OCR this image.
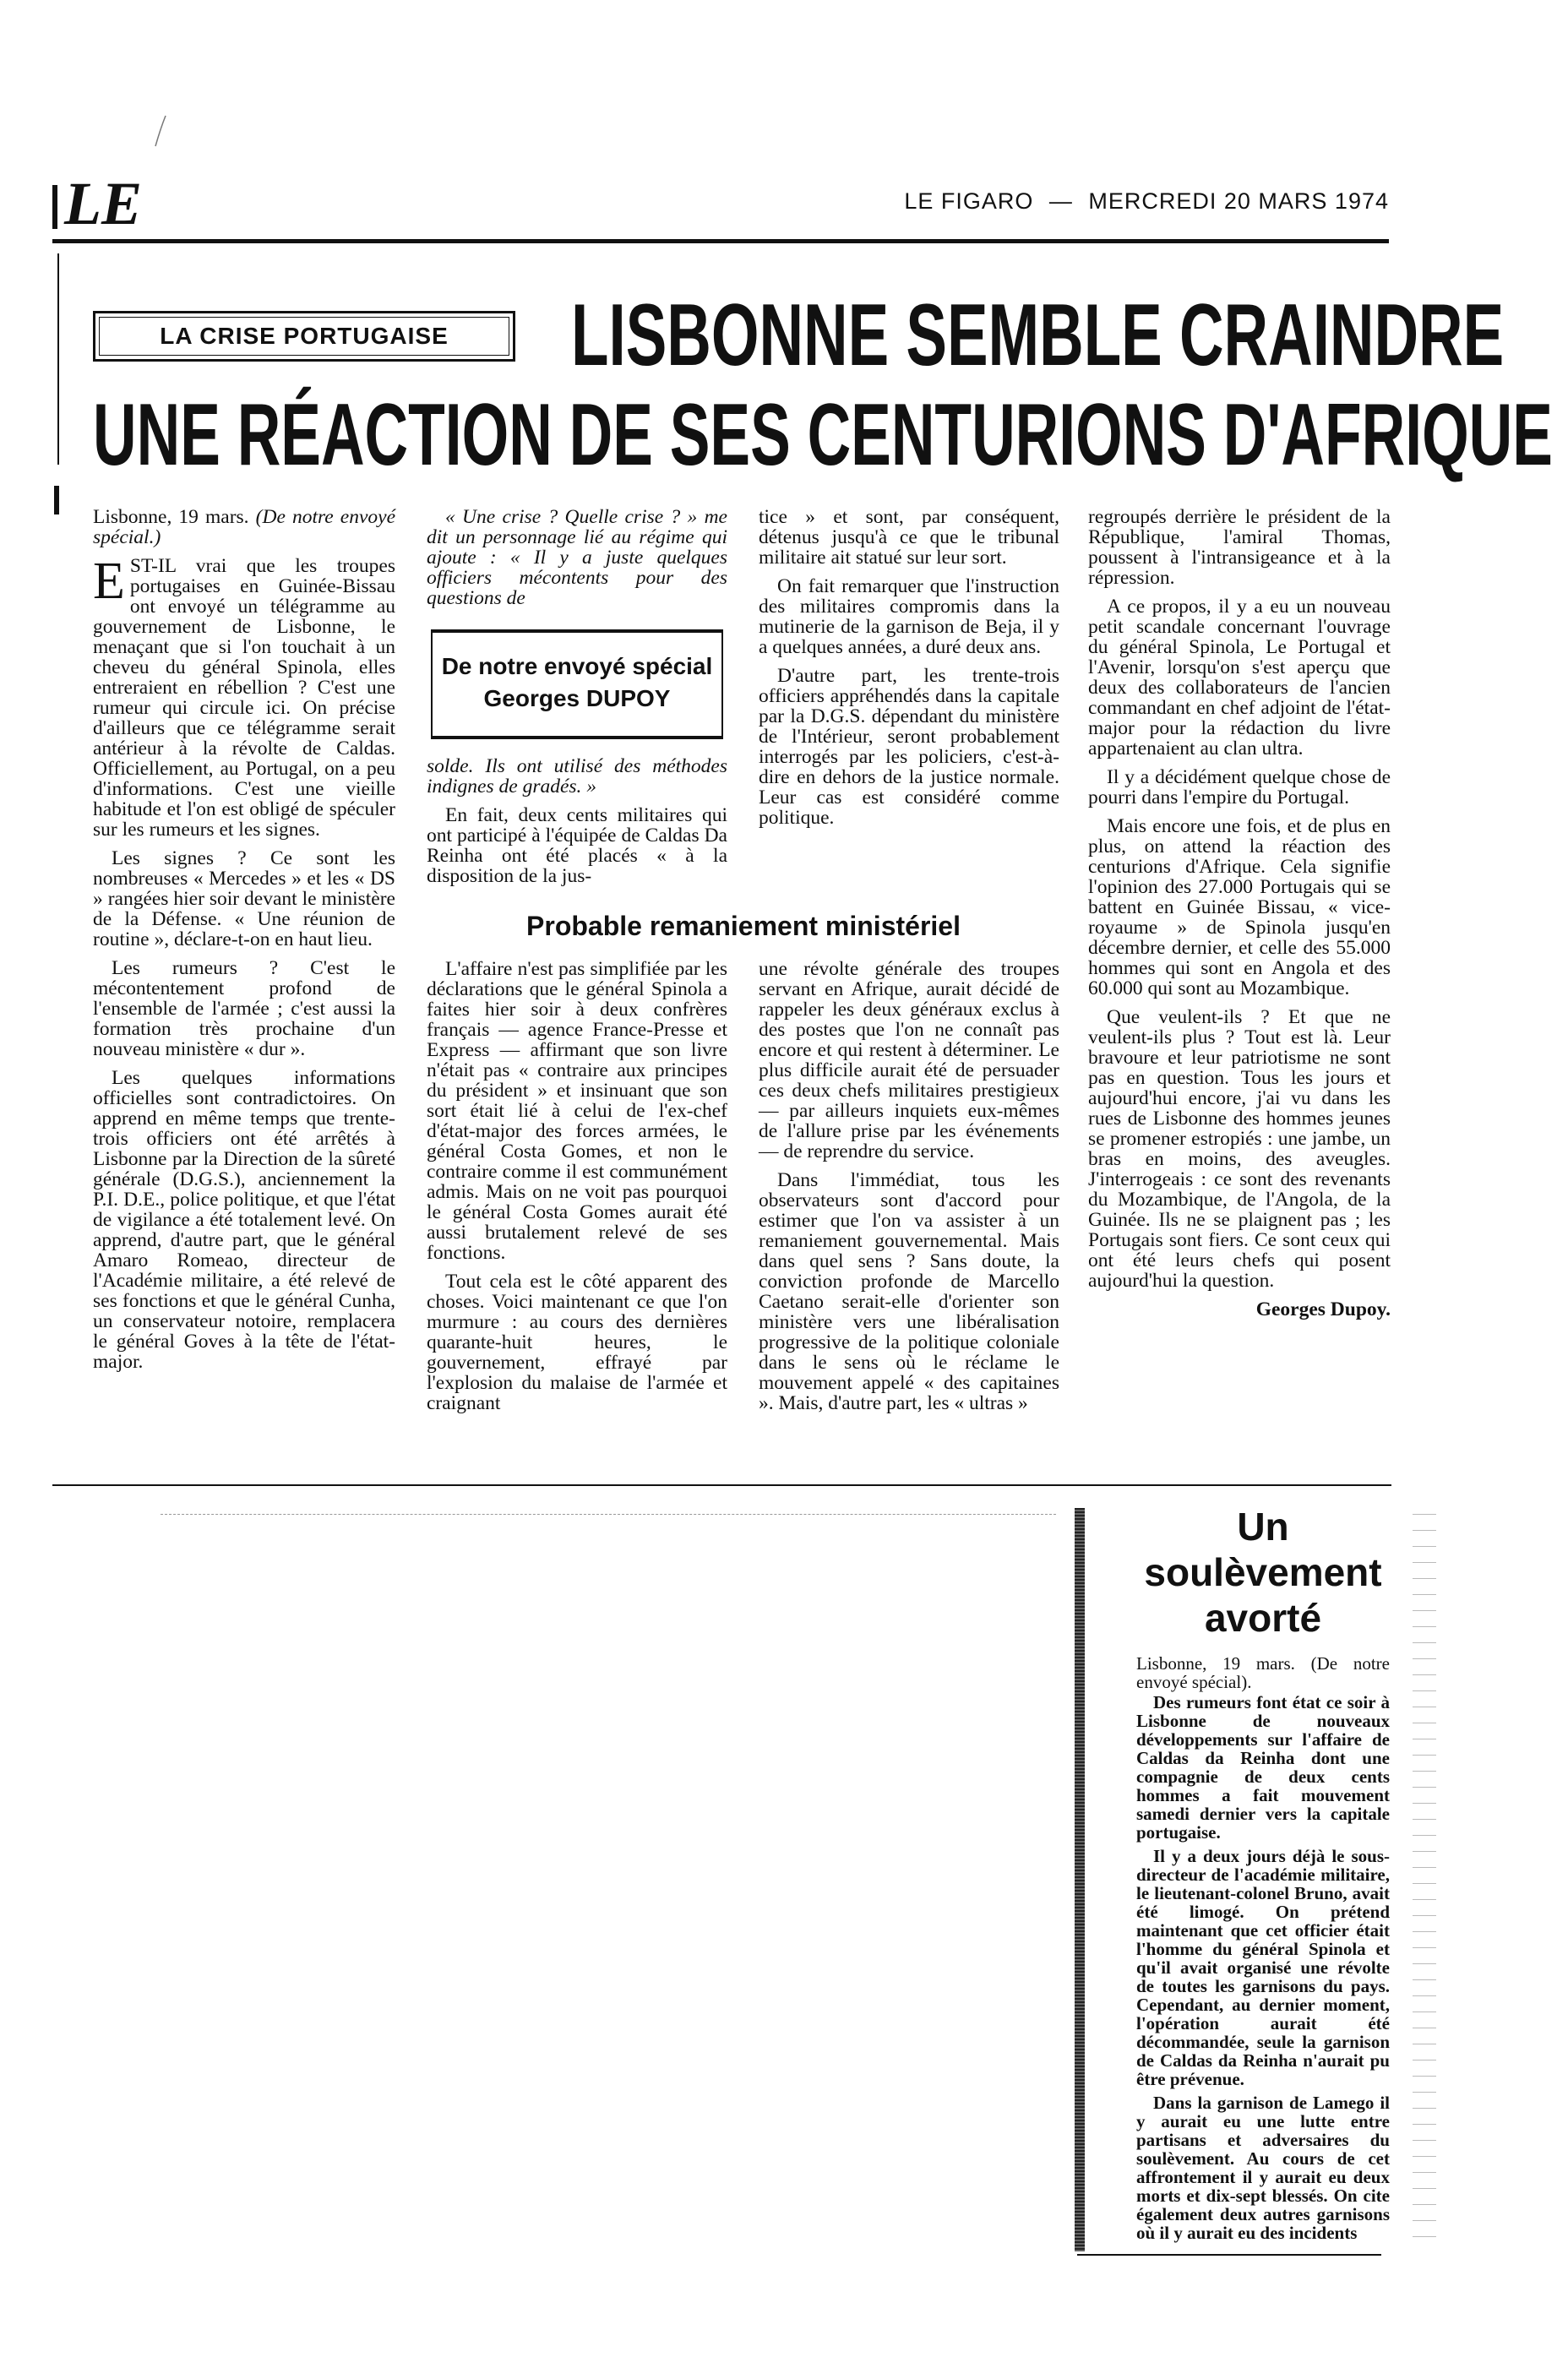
LE	LE FIGARO — MERCREDI 20 MARS 1974
LA CRISE PORTUGAISE LISBONNE SEMBLE CRAINDRE
UNE RÉACTION DE SES CENTURIONS D'AFRIQUE

Lisbonne, 19 mars. (De notre envoyé spécial.)

EST-IL vrai que les troupes portugaises en Guinée-Bissau ont envoyé un télégramme au gouvernement de Lisbonne, le menaçant que si l'on touchait à un cheveu du général Spinola, elles entreraient en rébellion ? C'est une rumeur qui circule ici. On précise d'ailleurs que ce télégramme serait antérieur à la révolte de Caldas. Officiellement, au Portugal, on a peu d'informations. C'est une vieille habitude et l'on est obligé de spéculer sur les rumeurs et les signes.

Les signes ? Ce sont les nombreuses « Mercedes » et les « DS » rangées hier soir devant le ministère de la Défense. « Une réunion de routine », déclare-t-on en haut lieu.

Les rumeurs ? C'est le mécontentement profond de l'ensemble de l'armée ; c'est aussi la formation très prochaine d'un nouveau ministère « dur ».

Les quelques informations officielles sont contradictoires. On apprend en même temps que trente-trois officiers ont été arrêtés à Lisbonne par la Direction de la sûreté générale (D.G.S.), anciennement la P.I. D.E., police politique, et que l'état de vigilance a été totalement levé. On apprend, d'autre part, que le général Amaro Romeao, directeur de l'Académie militaire, a été relevé de ses fonctions et que le général Cunha, un conservateur notoire, remplacera le général Goves à la tête de l'état-major.

« Une crise ? Quelle crise ? » me dit un personnage lié au régime qui ajoute : « Il y a juste quelques officiers mécontents pour des questions de

De notre envoyé spécial
Georges DUPOY

solde. Ils ont utilisé des méthodes indignes de gradés. »

En fait, deux cents militaires qui ont participé à l'équipée de Caldas Da Reinha ont été placés « à la disposition de la jus-

tice » et sont, par conséquent, détenus jusqu'à ce que le tribunal militaire ait statué sur leur sort.

On fait remarquer que l'instruction des militaires compromis dans la mutinerie de la garnison de Beja, il y a quelques années, a duré deux ans.

D'autre part, les trente-trois officiers appréhendés dans la capitale par la D.G.S. dépendant du ministère de l'Intérieur, seront probablement interrogés par les policiers, c'est-à-dire en dehors de la justice normale. Leur cas est considéré comme politique.

Probable remaniement ministériel

L'affaire n'est pas simplifiée par les déclarations que le général Spinola a faites hier soir à deux confrères français — agence France-Presse et Express — affirmant que son livre n'était pas « contraire aux principes du président » et insinuant que son sort était lié à celui de l'ex-chef d'état-major des forces armées, le général Costa Gomes, et non le contraire comme il est communément admis. Mais on ne voit pas pourquoi le général Costa Gomes aurait été aussi brutalement relevé de ses fonctions.

Tout cela est le côté apparent des choses. Voici maintenant ce que l'on murmure : au cours des dernières quarante-huit heures, le gouvernement, effrayé par l'explosion du malaise de l'armée et craignant

une révolte générale des troupes servant en Afrique, aurait décidé de rappeler les deux généraux exclus à des postes que l'on ne connaît pas encore et qui restent à déterminer. Le plus difficile aurait été de persuader ces deux chefs militaires prestigieux — par ailleurs inquiets eux-mêmes de l'allure prise par les événements — de reprendre du service.

Dans l'immédiat, tous les observateurs sont d'accord pour estimer que l'on va assister à un remaniement gouvernemental. Mais dans quel sens ? Sans doute, la conviction profonde de Marcello Caetano serait-elle d'orienter son ministère vers une libéralisation progressive de la politique coloniale dans le sens où le réclame le mouvement appelé « des capitaines ». Mais, d'autre part, les « ultras »

regroupés derrière le président de la République, l'amiral Thomas, poussent à l'intransigeance et à la répression.

A ce propos, il y a eu un nouveau petit scandale concernant l'ouvrage du général Spinola, Le Portugal et l'Avenir, lorsqu'on s'est aperçu que deux des collaborateurs de l'ancien commandant en chef adjoint de l'état-major pour la rédaction du livre appartenaient au clan ultra.

Il y a décidément quelque chose de pourri dans l'empire du Portugal.

Mais encore une fois, et de plus en plus, on attend la réaction des centurions d'Afrique. Cela signifie l'opinion des 27.000 Portugais qui se battent en Guinée Bissau, « vice-royaume » de Spinola jusqu'en décembre dernier, et celle des 55.000 hommes qui sont en Angola et des 60.000 qui sont au Mozambique.

Que veulent-ils ? Et que ne veulent-ils plus ? Tout est là. Leur bravoure et leur patriotisme ne sont pas en question. Tous les jours et aujourd'hui encore, j'ai vu dans les rues de Lisbonne des hommes jeunes se promener estropiés : une jambe, un bras en moins, des aveugles. J'interrogeais : ce sont des revenants du Mozambique, de l'Angola, de la Guinée. Ils ne se plaignent pas ; les Portugais sont fiers. Ce sont ceux qui ont été leurs chefs qui posent aujourd'hui la question.

Georges Dupoy.
Un soulèvement
avorté

Lisbonne, 19 mars. (De notre envoyé spécial).

Des rumeurs font état ce soir à Lisbonne de nouveaux développements sur l'affaire de Caldas da Reinha dont une compagnie de deux cents hommes a fait mouvement samedi dernier vers la capitale portugaise.

Il y a deux jours déjà le sous-directeur de l'académie militaire, le lieutenant-colonel Bruno, avait été limogé. On prétend maintenant que cet officier était l'homme du général Spinola et qu'il avait organisé une révolte de toutes les garnisons du pays. Cependant, au dernier moment, l'opération aurait été décommandée, seule la garnison de Caldas da Reinha n'aurait pu être prévenue.

Dans la garnison de Lamego il y aurait eu une lutte entre partisans et adversaires du soulèvement. Au cours de cet affrontement il y aurait eu deux morts et dix-sept blessés. On cite également deux autres garnisons où il y aurait eu des incidents
